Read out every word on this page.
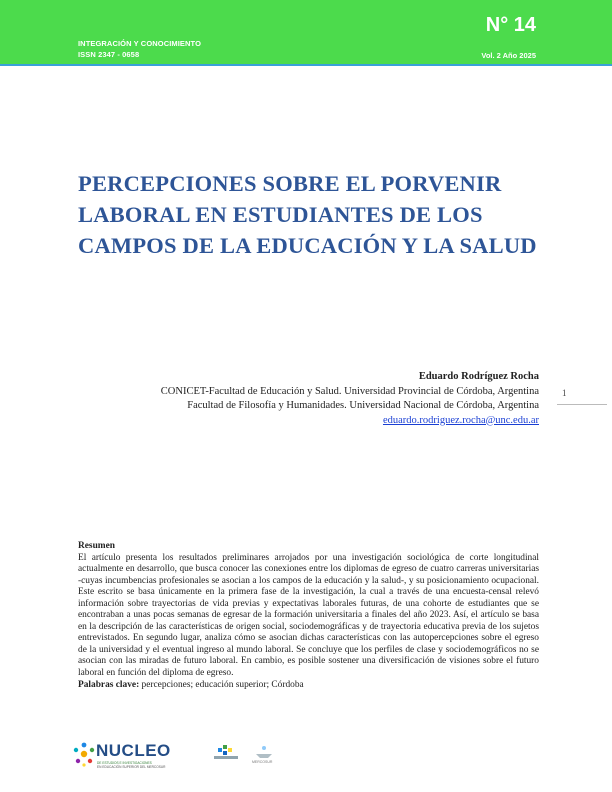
INTEGRACIÓN Y CONOCIMIENTO
ISSN 2347 - 0658
N° 14
Vol. 2 Año 2025
PERCEPCIONES SOBRE EL PORVENIR LABORAL EN ESTUDIANTES DE LOS CAMPOS DE LA EDUCACIÓN Y LA SALUD
Eduardo Rodríguez Rocha
CONICET-Facultad de Educación y Salud. Universidad Provincial de Córdoba, Argentina
Facultad de Filosofía y Humanidades. Universidad Nacional de Córdoba, Argentina
eduardo.rodriguez.rocha@unc.edu.ar
1
Resumen
El artículo presenta los resultados preliminares arrojados por una investigación sociológica de corte longitudinal actualmente en desarrollo, que busca conocer las conexiones entre los diplomas de egreso de cuatro carreras universitarias -cuyas incumbencias profesionales se asocian a los campos de la educación y la salud-, y su posicionamiento ocupacional. Este escrito se basa únicamente en la primera fase de la investigación, la cual a través de una encuesta-censal relevó información sobre trayectorias de vida previas y expectativas laborales futuras, de una cohorte de estudiantes que se encontraban a unas pocas semanas de egresar de la formación universitaria a finales del año 2023. Así, el artículo se basa en la descripción de las características de origen social, sociodemográficas y de trayectoria educativa previa de los sujetos entrevistados. En segundo lugar, analiza cómo se asocian dichas características con las autopercepciones sobre el egreso de la universidad y el eventual ingreso al mundo laboral. Se concluye que los perfiles de clase y sociodemográficos no se asocian con las miradas de futuro laboral. En cambio, es posible sostener una diversificación de visiones sobre el futuro laboral en función del diploma de egreso.
Palabras clave: percepciones; educación superior; Córdoba
NUCLEO
DE ESTUDIOS E INVESTIGACIONES
EN EDUCACIÓN SUPERIOR DEL MERCOSUR
MERCOSUR
